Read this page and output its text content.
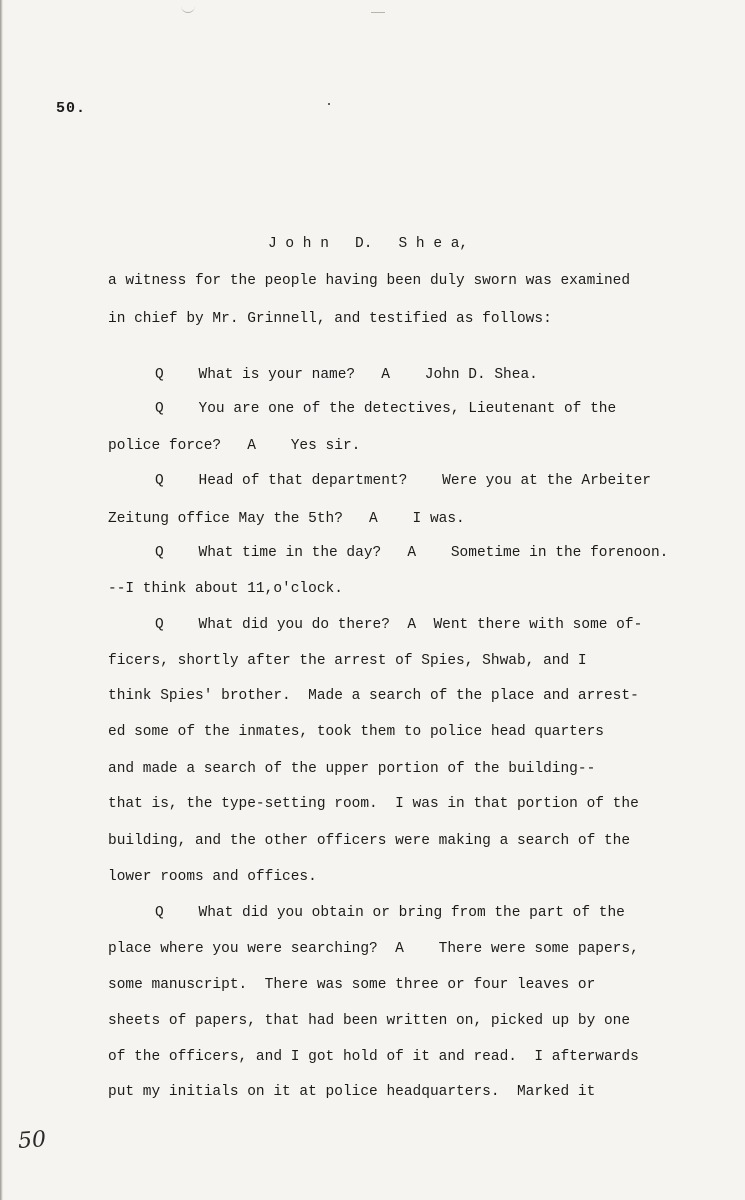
50.
J o h n   D.   S h e a,
a witness for the people having been duly sworn was examined
in chief by Mr. Grinnell, and testified as follows:
Q    What is your name?   A    John D. Shea.
Q    You are one of the detectives, Lieutenant of the
police force?   A    Yes sir.
Q    Head of that department?    Were you at the Arbeiter
Zeitung office May the 5th?   A    I was.
Q    What time in the day?   A    Sometime in the forenoon.
--I think about 11,o'clock.
Q    What did you do there?  A  Went there with some of-
ficers, shortly after the arrest of Spies, Shwab, and I
think Spies' brother.  Made a search of the place and arrest-
ed some of the inmates, took them to police head quarters
and made a search of the upper portion of the building--
that is, the type-setting room.  I was in that portion of the
building, and the other officers were making a search of the
lower rooms and offices.
Q    What did you obtain or bring from the part of the
place where you were searching?  A    There were some papers,
some manuscript.  There was some three or four leaves or
sheets of papers, that had been written on, picked up by one
of the officers, and I got hold of it and read.  I afterwards
put my initials on it at police headquarters.  Marked it
50
